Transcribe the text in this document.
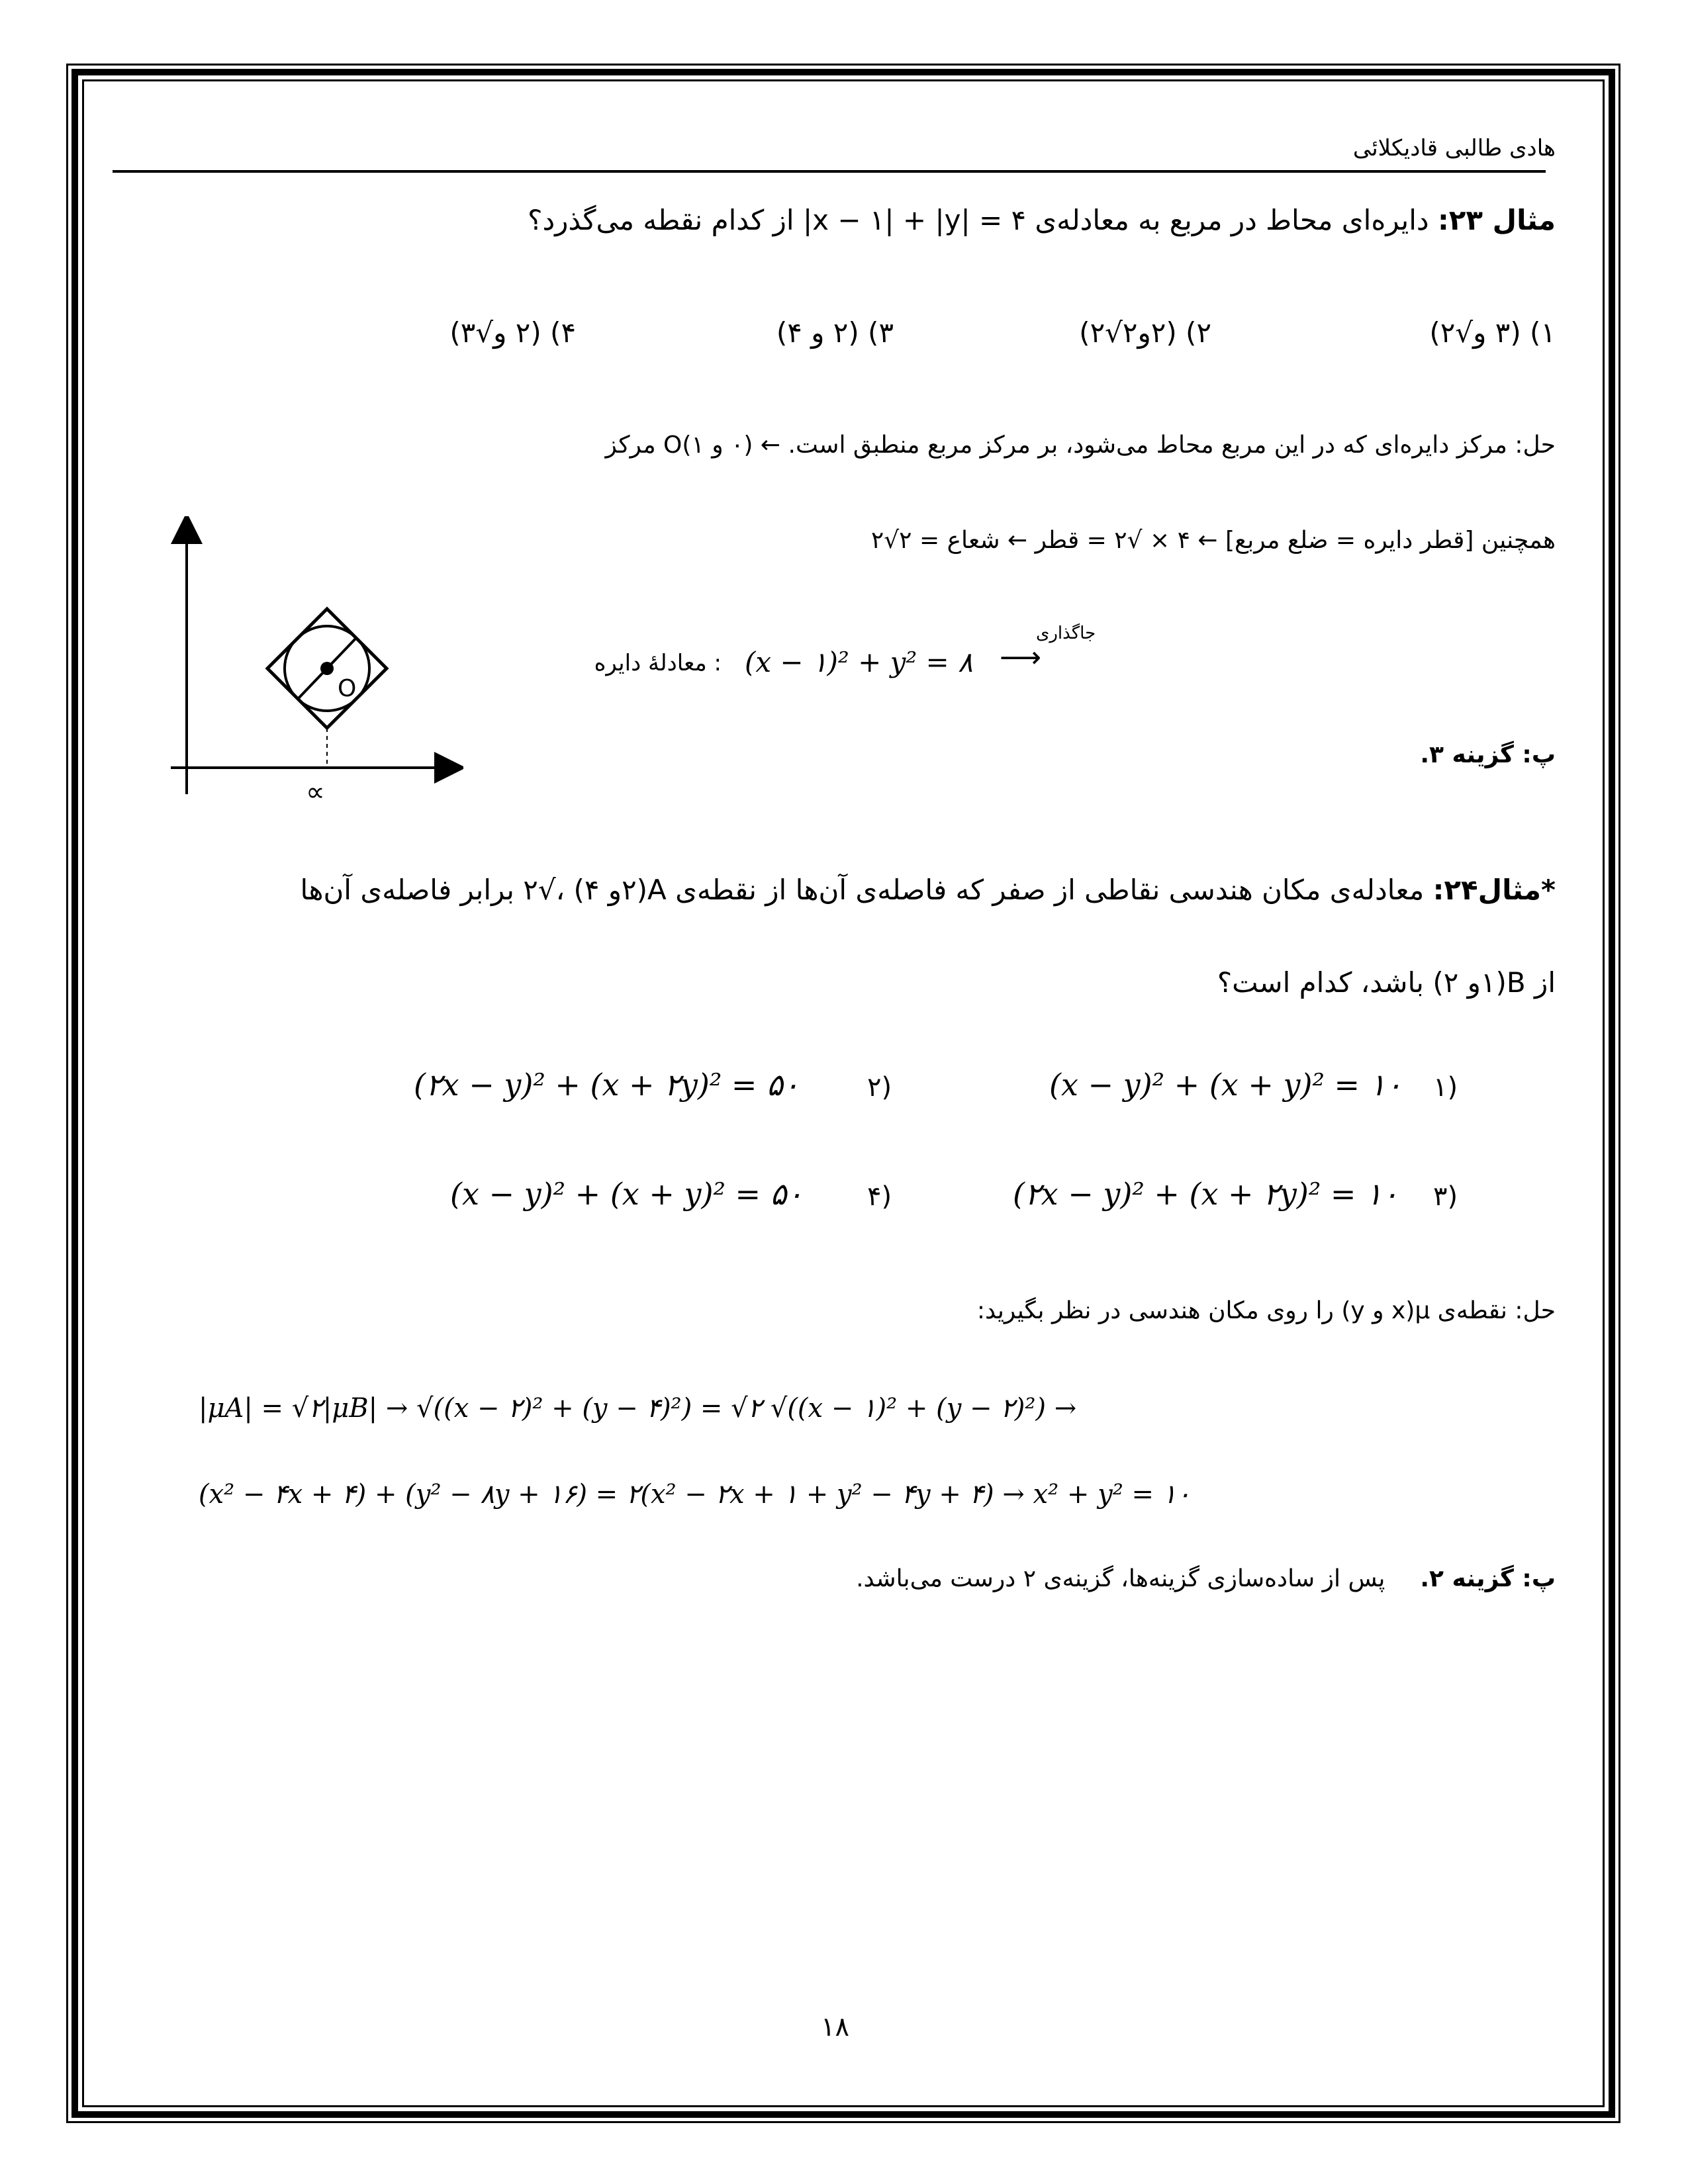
هادی طالبی قادیکلائی
مثال ۲۳: دایره‌ای محاط در مربع به معادله‌ی ۴ = |x − ۱| + |y| از کدام نقطه می‌گذرد؟
۱) (۳ و√۲)
۲) (۲و۲√۲)
۳) (۲ و ۴)
۴) (۲ و√۳)
حل: مرکز دایره‌ای که در این مربع محاط می‌شود، بر مرکز مربع منطبق است. ← (۰ و ۱)O مرکز
همچنین [قطر دایره = ضلع مربع] ← ۴ × √۲ = قطر ← شعاع = ۲√۲
جاگذاری
⟶
(x − ۱)² + y² = ۸
: معادلهٔ دایره
پ: گزینه ۳.
O
∝
*مثال۲۴: معادله‌ی مکان هندسی نقاطی از صفر که فاصله‌ی آن‌ها از نقطه‌ی A(۲و ۴) ،√۲ برابر فاصله‌ی آن‌ها
از B(۱و ۲) باشد، کدام است؟
۱)
(x − y)² + (x + y)² = ۱۰
۲)
(۲x − y)² + (x + ۲y)² = ۵۰
۳)
(۲x − y)² + (x + ۲y)² = ۱۰
۴)
(x − y)² + (x + y)² = ۵۰
حل: نقطه‌ی μ(x و y) را روی مکان هندسی در نظر بگیرید:
|μA| = √۲|μB| → √((x − ۲)² + (y − ۴)²) = √۲ √((x − ۱)² + (y − ۲)²) →
(x² − ۴x + ۴) + (y² − ۸y + ۱۶) = ۲(x² − ۲x + ۱ + y² − ۴y + ۴) → x² + y² = ۱۰
پ: گزینه ۲.  پس از ساده‌سازی گزینه‌ها، گزینه‌ی ۲ درست می‌باشد.
۱۸
